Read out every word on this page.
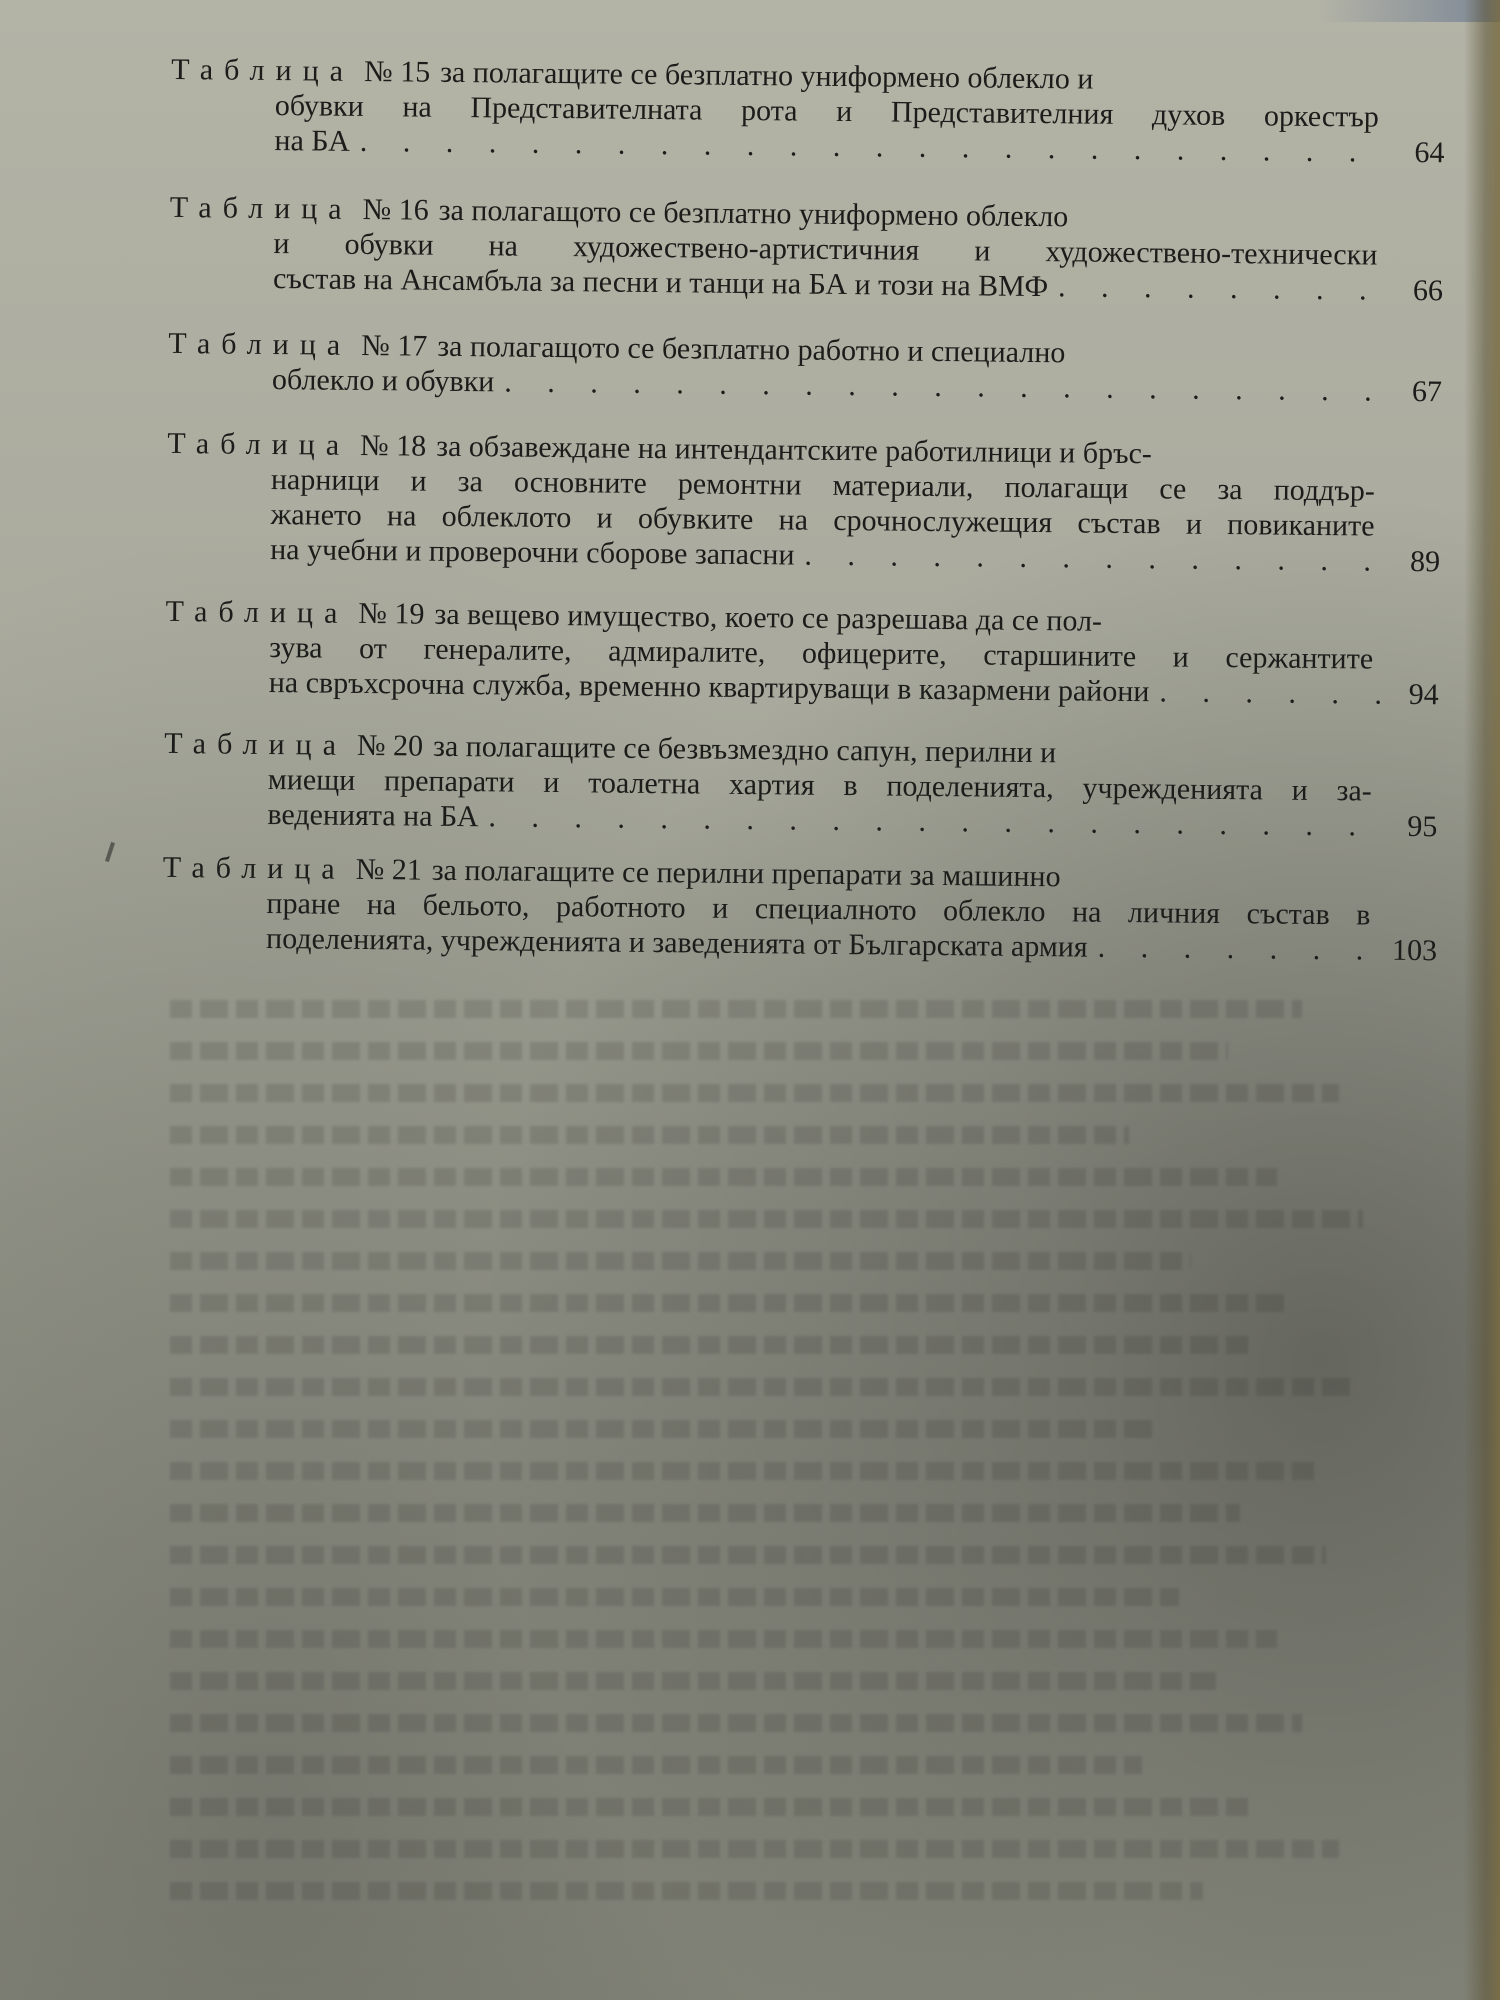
Таблица № 15 за полагащите се безплатно униформено облекло и
обувки на Представителната рота и Представителния духов оркестър
на БА . . .	64
Таблица № 16 за полагащото се безплатно униформено облекло
и обувки на художествено-артистичния и художествено-технически
състав на Ансамбъла за песни и танци на БА и този на ВМФ . . .	66
Таблица № 17 за полагащото се безплатно работно и специално
облекло и обувки . . .	67
Таблица № 18 за обзавеждане на интендантските работилници и бръс-
нарници и за основните ремонтни материали, полагащи се за поддър-
жането на облеклото и обувките на срочнослужещия състав и повиканите
на учебни и проверочни сборове запасни . . .	89
Таблица № 19 за вещево имущество, което се разрешава да се пол-
зува от генералите, адмиралите, офицерите, старшините и сержантите
на свръхсрочна служба, временно квартируващи в казармени райони . . .	94
Таблица № 20 за полагащите се безвъзмездно сапун, перилни и
миещи препарати и тоалетна хартия в поделенията, учрежденията и за-
веденията на БА . . .	95
Таблица № 21 за полагащите се перилни препарати за машинно
пране на бельото, работното и специалното облекло на личния състав в
поделенията, учрежденията и заведенията от Българската армия . . .	103
